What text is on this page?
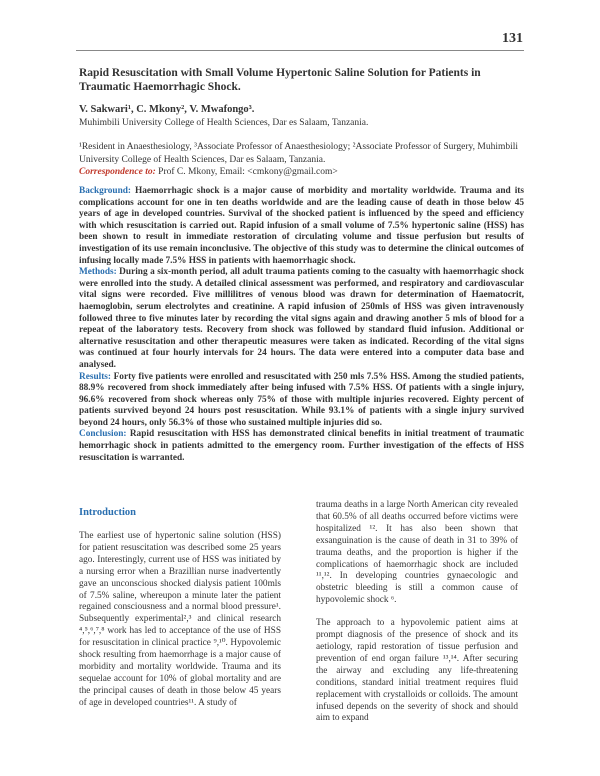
131
Rapid Resuscitation with Small Volume Hypertonic Saline Solution for Patients in Traumatic Haemorrhagic Shock.
V. Sakwari¹, C. Mkony², V. Mwafongo³.
Muhimbili University College of Health Sciences, Dar es Salaam, Tanzania.
¹Resident in Anaesthesiology, ³Associate Professor of Anaesthesiology; ²Associate Professor of Surgery, Muhimbili University College of Health Sciences, Dar es Salaam, Tanzania.
Correspondence to: Prof C. Mkony, Email: <cmkony@gmail.com>

Background: Haemorrhagic shock is a major cause of morbidity and mortality worldwide. Trauma and its complications account for one in ten deaths worldwide and are the leading cause of death in those below 45 years of age in developed countries. Survival of the shocked patient is influenced by the speed and efficiency with which resuscitation is carried out. Rapid infusion of a small volume of 7.5% hypertonic saline (HSS) has been shown to result in immediate restoration of circulating volume and tissue perfusion but results of investigation of its use remain inconclusive. The objective of this study was to determine the clinical outcomes of infusing locally made 7.5% HSS in patients with haemorrhagic shock.

Methods: During a six-month period, all adult trauma patients coming to the casualty with haemorrhagic shock were enrolled into the study. A detailed clinical assessment was performed, and respiratory and cardiovascular vital signs were recorded. Five millilitres of venous blood was drawn for determination of Haematocrit, haemoglobin, serum electrolytes and creatinine. A rapid infusion of 250mls of HSS was given intravenously followed three to five minutes later by recording the vital signs again and drawing another 5 mls of blood for a repeat of the laboratory tests. Recovery from shock was followed by standard fluid infusion. Additional or alternative resuscitation and other therapeutic measures were taken as indicated. Recording of the vital signs was continued at four hourly intervals for 24 hours. The data were entered into a computer data base and analysed.

Results: Forty five patients were enrolled and resuscitated with 250 mls 7.5% HSS. Among the studied patients, 88.9% recovered from shock immediately after being infused with 7.5% HSS. Of patients with a single injury, 96.6% recovered from shock whereas only 75% of those with multiple injuries recovered. Eighty percent of patients survived beyond 24 hours post resuscitation. While 93.1% of patients with a single injury survived beyond 24 hours, only 56.3% of those who sustained multiple injuries did so.

Conclusion: Rapid resuscitation with HSS has demonstrated clinical benefits in initial treatment of traumatic hemorrhagic shock in patients admitted to the emergency room. Further investigation of the effects of HSS resuscitation is warranted.

Introduction

The earliest use of hypertonic saline solution (HSS) for patient resuscitation was described some 25 years ago. Interestingly, current use of HSS was initiated by a nursing error when a Brazillian nurse inadvertently gave an unconscious shocked dialysis patient 100mls of 7.5% saline, whereupon a minute later the patient regained consciousness and a normal blood pressure¹. Subsequently experimental²,³ and clinical research ⁴,⁵,⁶,⁷,⁸ work has led to acceptance of the use of HSS for resuscitation in clinical practice ⁹,¹⁰. Hypovolemic shock resulting from haemorrhage is a major cause of morbidity and mortality worldwide. Trauma and its sequelae account for 10% of global mortality and are the principal causes of death in those below 45 years of age in developed countries¹¹. A study of

trauma deaths in a large North American city revealed that 60.5% of all deaths occurred before victims were hospitalized ¹². It has also been shown that exsanguination is the cause of death in 31 to 39% of trauma deaths, and the proportion is higher if the complications of haemorrhagic shock are included ¹¹,¹². In developing countries gynaecologic and obstetric bleeding is still a common cause of hypovolemic shock ⁶.

The approach to a hypovolemic patient aims at prompt diagnosis of the presence of shock and its aetiology, rapid restoration of tissue perfusion and prevention of end organ failure ¹³,¹⁴. After securing the airway and excluding any life-threatening conditions, standard initial treatment requires fluid replacement with crystalloids or colloids. The amount infused depends on the severity of shock and should aim to expand
